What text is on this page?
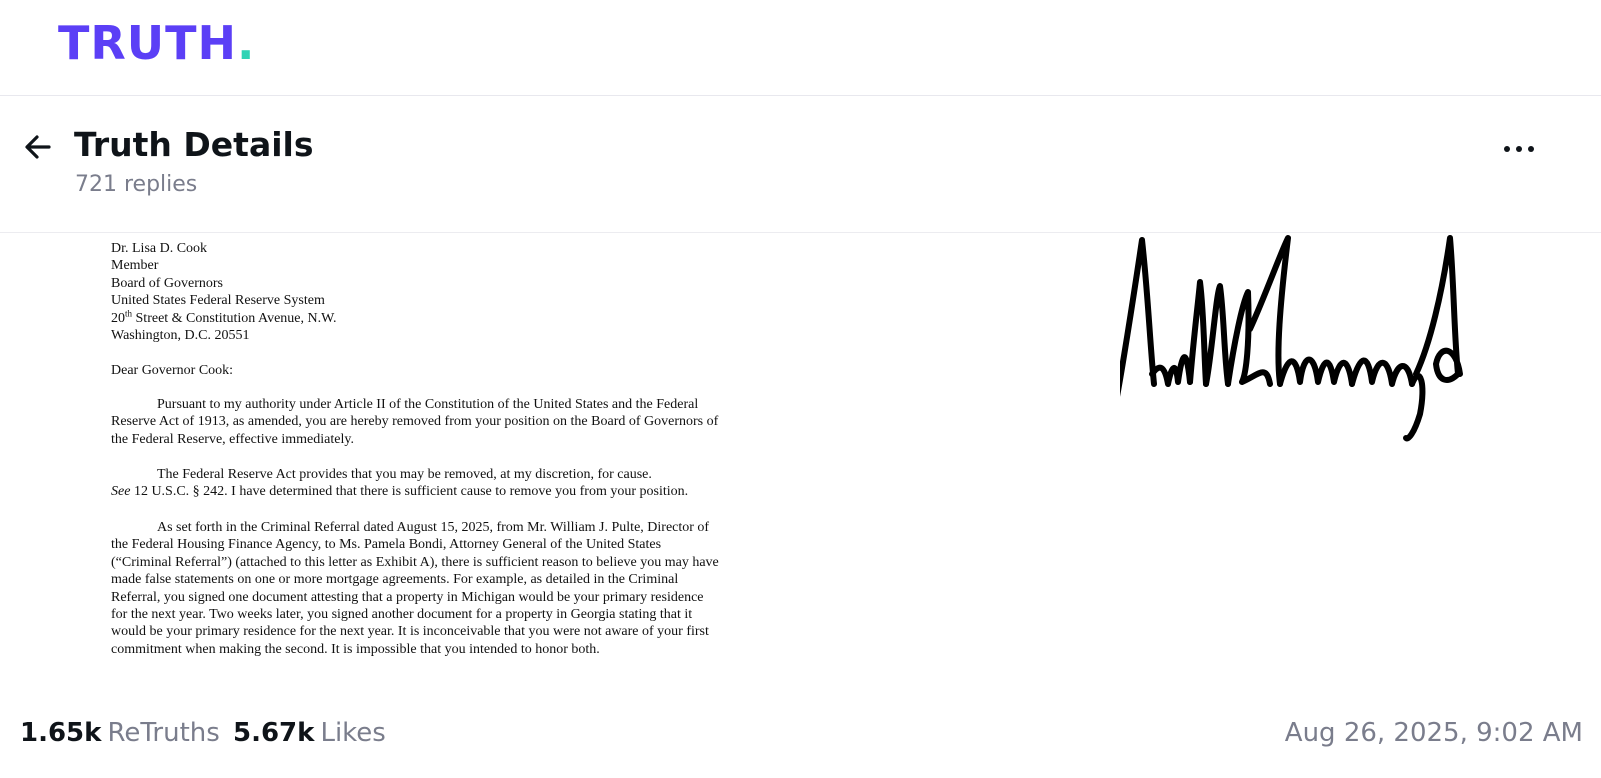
TRUTH.
Truth Details
721 replies
Dr. Lisa D. Cook
Member
Board of Governors
United States Federal Reserve System
20th Street & Constitution Avenue, N.W.
Washington, D.C. 20551

Dear Governor Cook:

Pursuant to my authority under Article II of the Constitution of the United States and the Federal Reserve Act of 1913, as amended, you are hereby removed from your position on the Board of Governors of the Federal Reserve, effective immediately.

The Federal Reserve Act provides that you may be removed, at my discretion, for cause.
See 12 U.S.C. § 242. I have determined that there is sufficient cause to remove you from your position.

As set forth in the Criminal Referral dated August 15, 2025, from Mr. William J. Pulte, Director of the Federal Housing Finance Agency, to Ms. Pamela Bondi, Attorney General of the United States (“Criminal Referral”) (attached to this letter as Exhibit A), there is sufficient reason to believe you may have made false statements on one or more mortgage agreements. For example, as detailed in the Criminal Referral, you signed one document attesting that a property in Michigan would be your primary residence for the next year. Two weeks later, you signed another document for a property in Georgia stating that it would be your primary residence for the next year. It is inconceivable that you were not aware of your first commitment when making the second. It is impossible that you intended to honor both.

1.65k ReTruths 5.67k Likes	Aug 26, 2025, 9:02 AM
